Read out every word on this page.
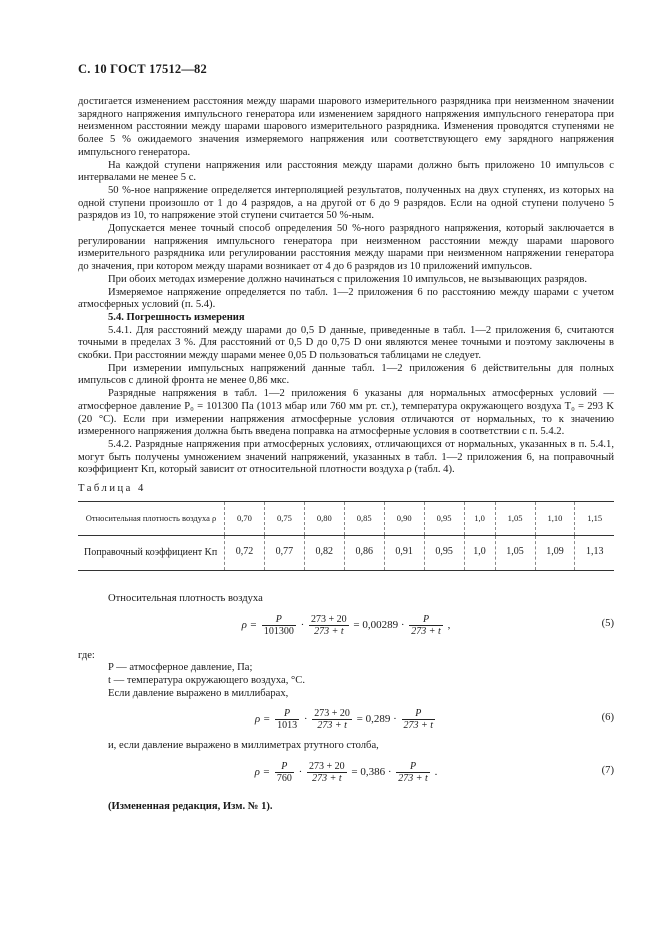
С. 10 ГОСТ 17512—82

достигается изменением расстояния между шарами шарового измерительного разрядника при неизменном значении зарядного напряжения импульсного генератора или изменением зарядного напряжения импульсного генератора при неизменном расстоянии между шарами шарового измерительного разрядника. Изменения проводятся ступенями не более 5 % ожидаемого значения измеряемого напряжения или соответствующего ему зарядного напряжения импульсного генератора.

На каждой ступени напряжения или расстояния между шарами должно быть приложено 10 импульсов с интервалами не менее 5 с.

50 %-ное напряжение определяется интерполяцией результатов, полученных на двух ступенях, из которых на одной ступени произошло от 1 до 4 разрядов, а на другой от 6 до 9 разрядов. Если на одной ступени получено 5 разрядов из 10, то напряжение этой ступени считается 50 %-ным.

Допускается менее точный способ определения 50 %-ного разрядного напряжения, который заключается в регулировании напряжения импульсного генератора при неизменном расстоянии между шарами шарового измерительного разрядника или регулировании расстояния между шарами при неизменном напряжении генератора до значения, при котором между шарами возникает от 4 до 6 разрядов из 10 приложений импульсов.

При обоих методах измерение должно начинаться с приложения 10 импульсов, не вызывающих разрядов.

Измеряемое напряжение определяется по табл. 1—2 приложения 6 по расстоянию между шарами с учетом атмосферных условий (п. 5.4).

5.4. Погрешность измерения

5.4.1. Для расстояний между шарами до 0,5 D данные, приведенные в табл. 1—2 приложения 6, считаются точными в пределах 3 %. Для расстояний от 0,5 D до 0,75 D они являются менее точными и поэтому заключены в скобки. При расстоянии между шарами менее 0,05 D пользоваться таблицами не следует.

При измерении импульсных напряжений данные табл. 1—2 приложения 6 действительны для полных импульсов с длиной фронта не менее 0,86 мкс.

Разрядные напряжения в табл. 1—2 приложения 6 указаны для нормальных атмосферных условий — атмосферное давление P₀ = 101300 Па (1013 мбар или 760 мм рт. ст.), температура окружающего воздуха T₀ = 293 K (20 °C). Если при измерении напряжения атмосферные условия отличаются от нормальных, то к значению измеренного напряжения должна быть введена поправка на атмосферные условия в соответствии с п. 5.4.2.

5.4.2. Разрядные напряжения при атмосферных условиях, отличающихся от нормальных, указанных в п. 5.4.1, могут быть получены умножением значений напряжений, указанных в табл. 1—2 приложения 6, на поправочный коэффициент Kп, который зависит от относительной плотности воздуха ρ (табл. 4).

Таблица 4

Относительная плотность воздуха ρ	0,70	0,75	0,80	0,85	0,90	0,95	1,0	1,05	1,10	1,15
Поправочный коэффициент Kп	0,72	0,77	0,82	0,86	0,91	0,95	1,0	1,05	1,09	1,13

Относительная плотность воздуха

$\rho = \frac{P}{101300} \cdot \frac{273 + 20}{273 + t} = 0,00289 \cdot \frac{P}{273 + t}$ ,	(5)

где:

P — атмосферное давление, Па;

t — температура окружающего воздуха, °С.

Если давление выражено в миллибарах,

$\rho = \frac{P}{1013} \cdot \frac{273 + 20}{273 + t} = 0,289 \cdot \frac{P}{273 + t}$	(6)

и, если давление выражено в миллиметрах ртутного столба,

$\rho = \frac{P}{760} \cdot \frac{273 + 20}{273 + t} = 0,386 \cdot \frac{P}{273 + t}$ .	(7)

(Измененная редакция, Изм. № 1).
